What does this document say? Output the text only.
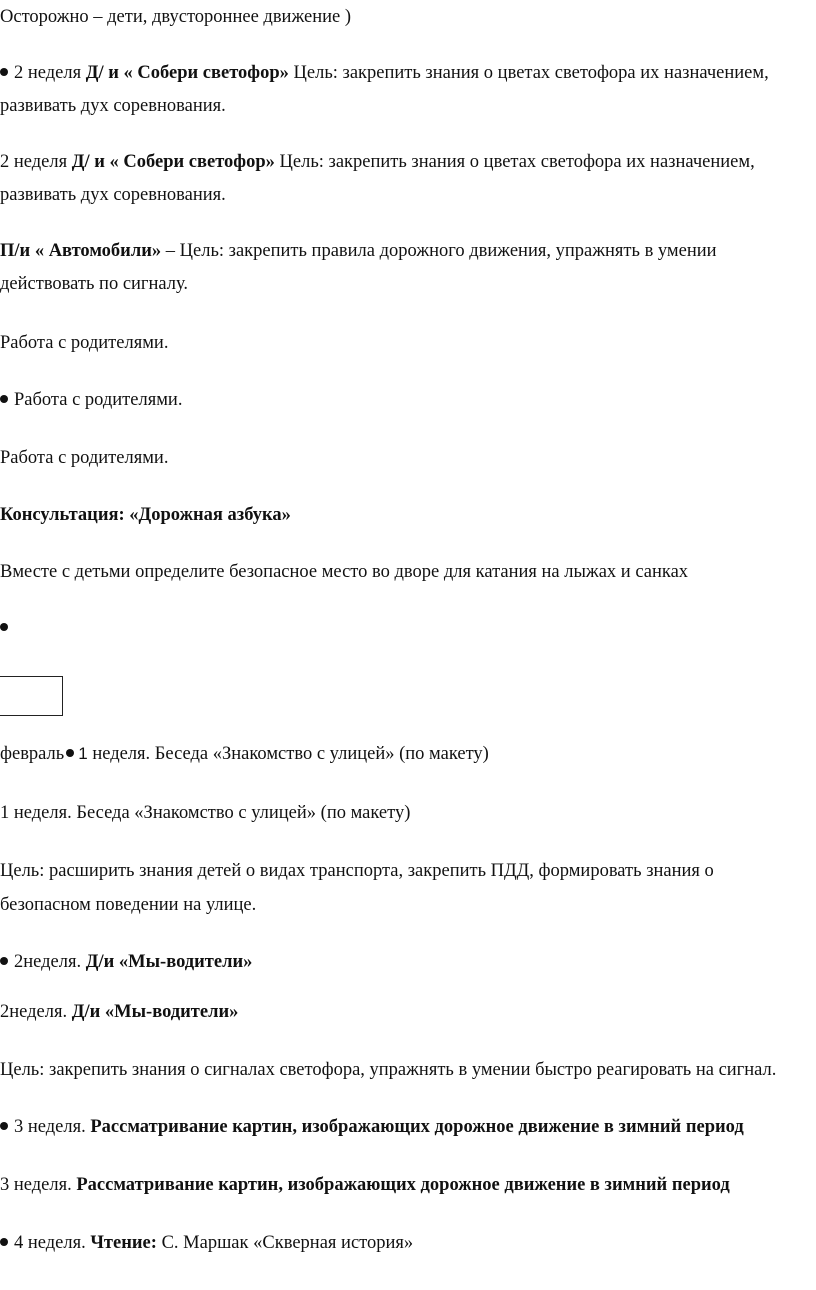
Осторожно – дети, двустороннее движение )
2 неделя Д/ и « Собери светофор» Цель: закрепить знания о цветах светофора их назначением,
развивать дух соревнования.
2 неделя Д/ и « Собери светофор» Цель: закрепить знания о цветах светофора их назначением,
развивать дух соревнования.
П/и « Автомобили» – Цель: закрепить правила дорожного движения, упражнять в умении
действовать по сигналу.
Работа с родителями.
Работа с родителями.
Работа с родителями.
Консультация: «Дорожная азбука»
Вместе с детьми определите безопасное место во дворе для катания на лыжах и санках
февраль 1 неделя. Беседа «Знакомство с улицей» (по макету)
1 неделя. Беседа «Знакомство с улицей» (по макету)
Цель: расширить знания детей о видах транспорта, закрепить ПДД, формировать знания о
безопасном поведении на улице.
2неделя. Д/и «Мы-водители»
2неделя. Д/и «Мы-водители»
Цель: закрепить знания о сигналах светофора, упражнять в умении быстро реагировать на сигнал.
3 неделя. Рассматривание картин, изображающих дорожное движение в зимний период
3 неделя. Рассматривание картин, изображающих дорожное движение в зимний период
4 неделя. Чтение: С. Маршак «Скверная история»
